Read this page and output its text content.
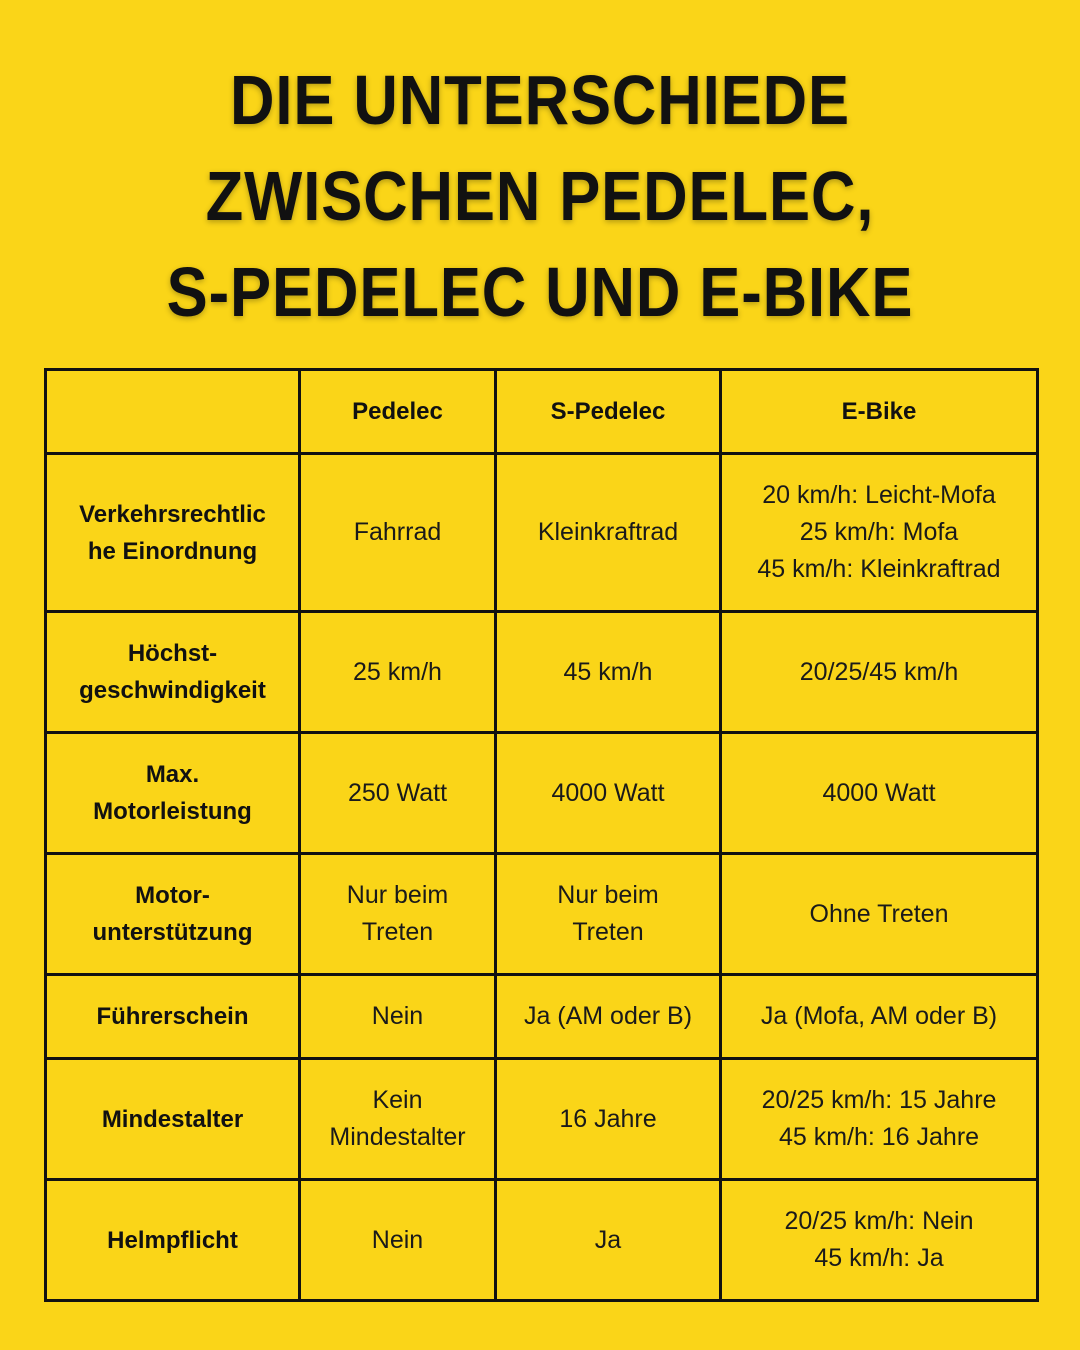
DIE UNTERSCHIEDE
ZWISCHEN PEDELEC,
S-PEDELEC UND E-BIKE
	Pedelec	S-Pedelec	E-Bike

Verkehrsrechtlic
he Einordnung	Fahrrad	Kleinkraftrad	20 km/h: Leicht-Mofa
25 km/h: Mofa
45 km/h: Kleinkraftrad

Höchst-
geschwindigkeit	25 km/h	45 km/h	20/25/45 km/h

Max.
Motorleistung	250 Watt	4000 Watt	4000 Watt

Motor-
unterstützung	Nur beim
Treten	Nur beim
Treten	Ohne Treten

Führerschein	Nein	Ja (AM oder B)	Ja (Mofa, AM oder B)

Mindestalter	Kein
Mindestalter	16 Jahre	20/25 km/h: 15 Jahre
45 km/h: 16 Jahre

Helmpflicht	Nein	Ja	20/25 km/h: Nein
45 km/h: Ja
